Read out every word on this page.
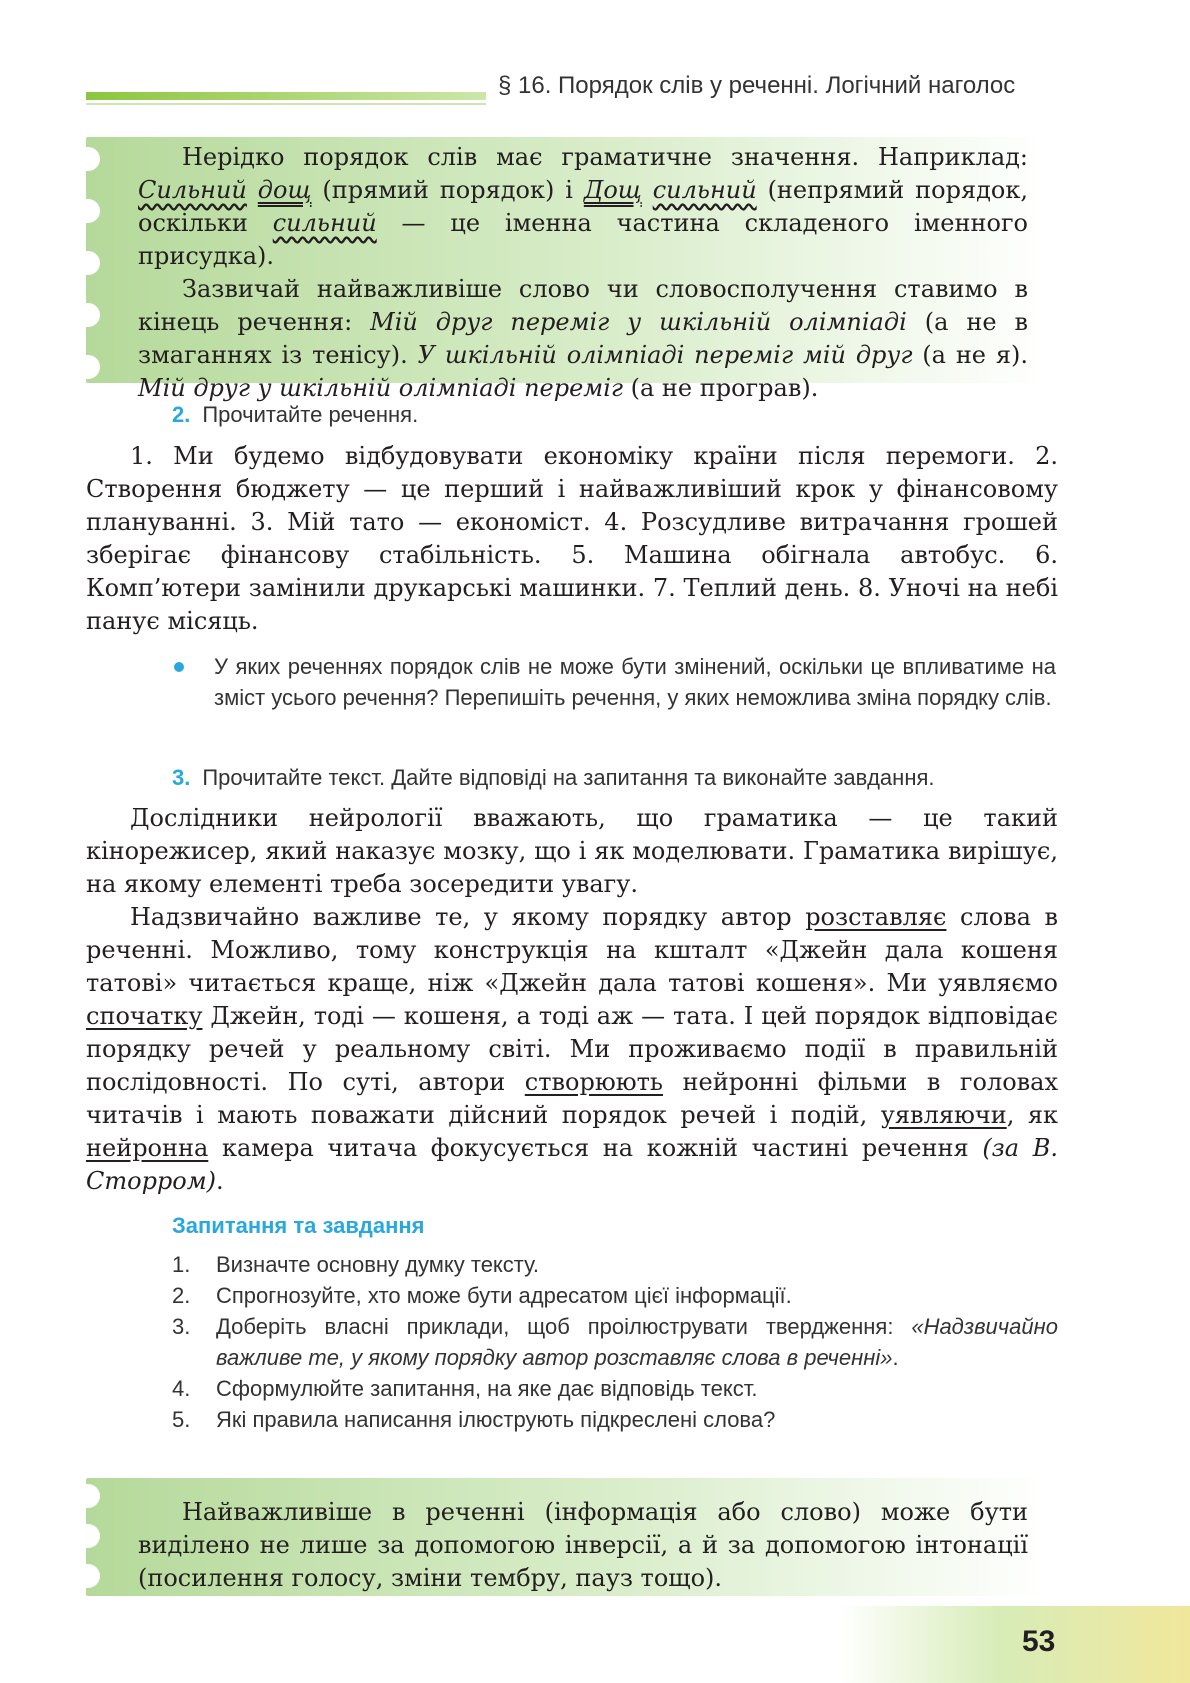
§ 16. Порядок слів у реченні. Логічний наголос

Нерідко порядок слів має граматичне значення. Наприклад: Сильний дощ (прямий порядок) і Дощ сильний (непрямий порядок, оскільки сильний — це іменна частина складеного іменного присудка).

Зазвичай найважливіше слово чи словосполучення ставимо в кінець речення: Мій друг переміг у шкільній олімпіаді (а не в змаганнях із тенісу). У шкільній олімпіаді переміг мій друг (а не я). Мій друг у шкільній олімпіаді переміг (а не програв).

2. Прочитайте речення.

1. Ми будемо відбудовувати економіку країни після перемоги. 2. Створення бюджету — це перший і найважливіший крок у фінансовому плануванні. 3. Мій тато — економіст. 4. Розсудливе витрачання грошей зберігає фінансову стабільність. 5. Машина обігнала автобус. 6. Комп’ютери замінили друкарські машинки. 7. Теплий день. 8. Уночі на небі панує місяць.

У яких реченнях порядок слів не може бути змінений, оскільки це впливатиме на зміст усього речення? Перепишіть речення, у яких неможлива зміна порядку слів.
3. Прочитайте текст. Дайте відповіді на запитання та виконайте завдання.

Дослідники нейрології вважають, що граматика — це такий кінорежисер, який наказує мозку, що і як моделювати. Граматика вирішує, на якому елементі треба зосередити увагу.

Надзвичайно важливе те, у якому порядку автор розставляє слова в реченні. Можливо, тому конструкція на кшталт «Джейн дала кошеня татові» читається краще, ніж «Джейн дала татові кошеня». Ми уявляємо спочатку Джейн, тоді — кошеня, а тоді аж — тата. І цей порядок відповідає порядку речей у реальному світі. Ми проживаємо події в правильній послідовності. По суті, автори створюють нейронні фільми в головах читачів і мають поважати дійсний порядок речей і подій, уявляючи, як нейронна камера читача фокусується на кожній частині речення (за В. Сторром).

Запитання та завдання
1. Визначте основну думку тексту.
2. Спрогнозуйте, хто може бути адресатом цієї інформації.
3. Доберіть власні приклади, щоб проілюструвати твердження: «Надзвичайно важливе те, у якому порядку автор розставляє слова в реченні».
4. Сформулюйте запитання, на яке дає відповідь текст.
5. Які правила написання ілюструють підкреслені слова?

Найважливіше в реченні (інформація або слово) може бути виділено не лише за допомогою інверсії, а й за допомогою інтонації (посилення голосу, зміни тембру, пауз тощо).

53
